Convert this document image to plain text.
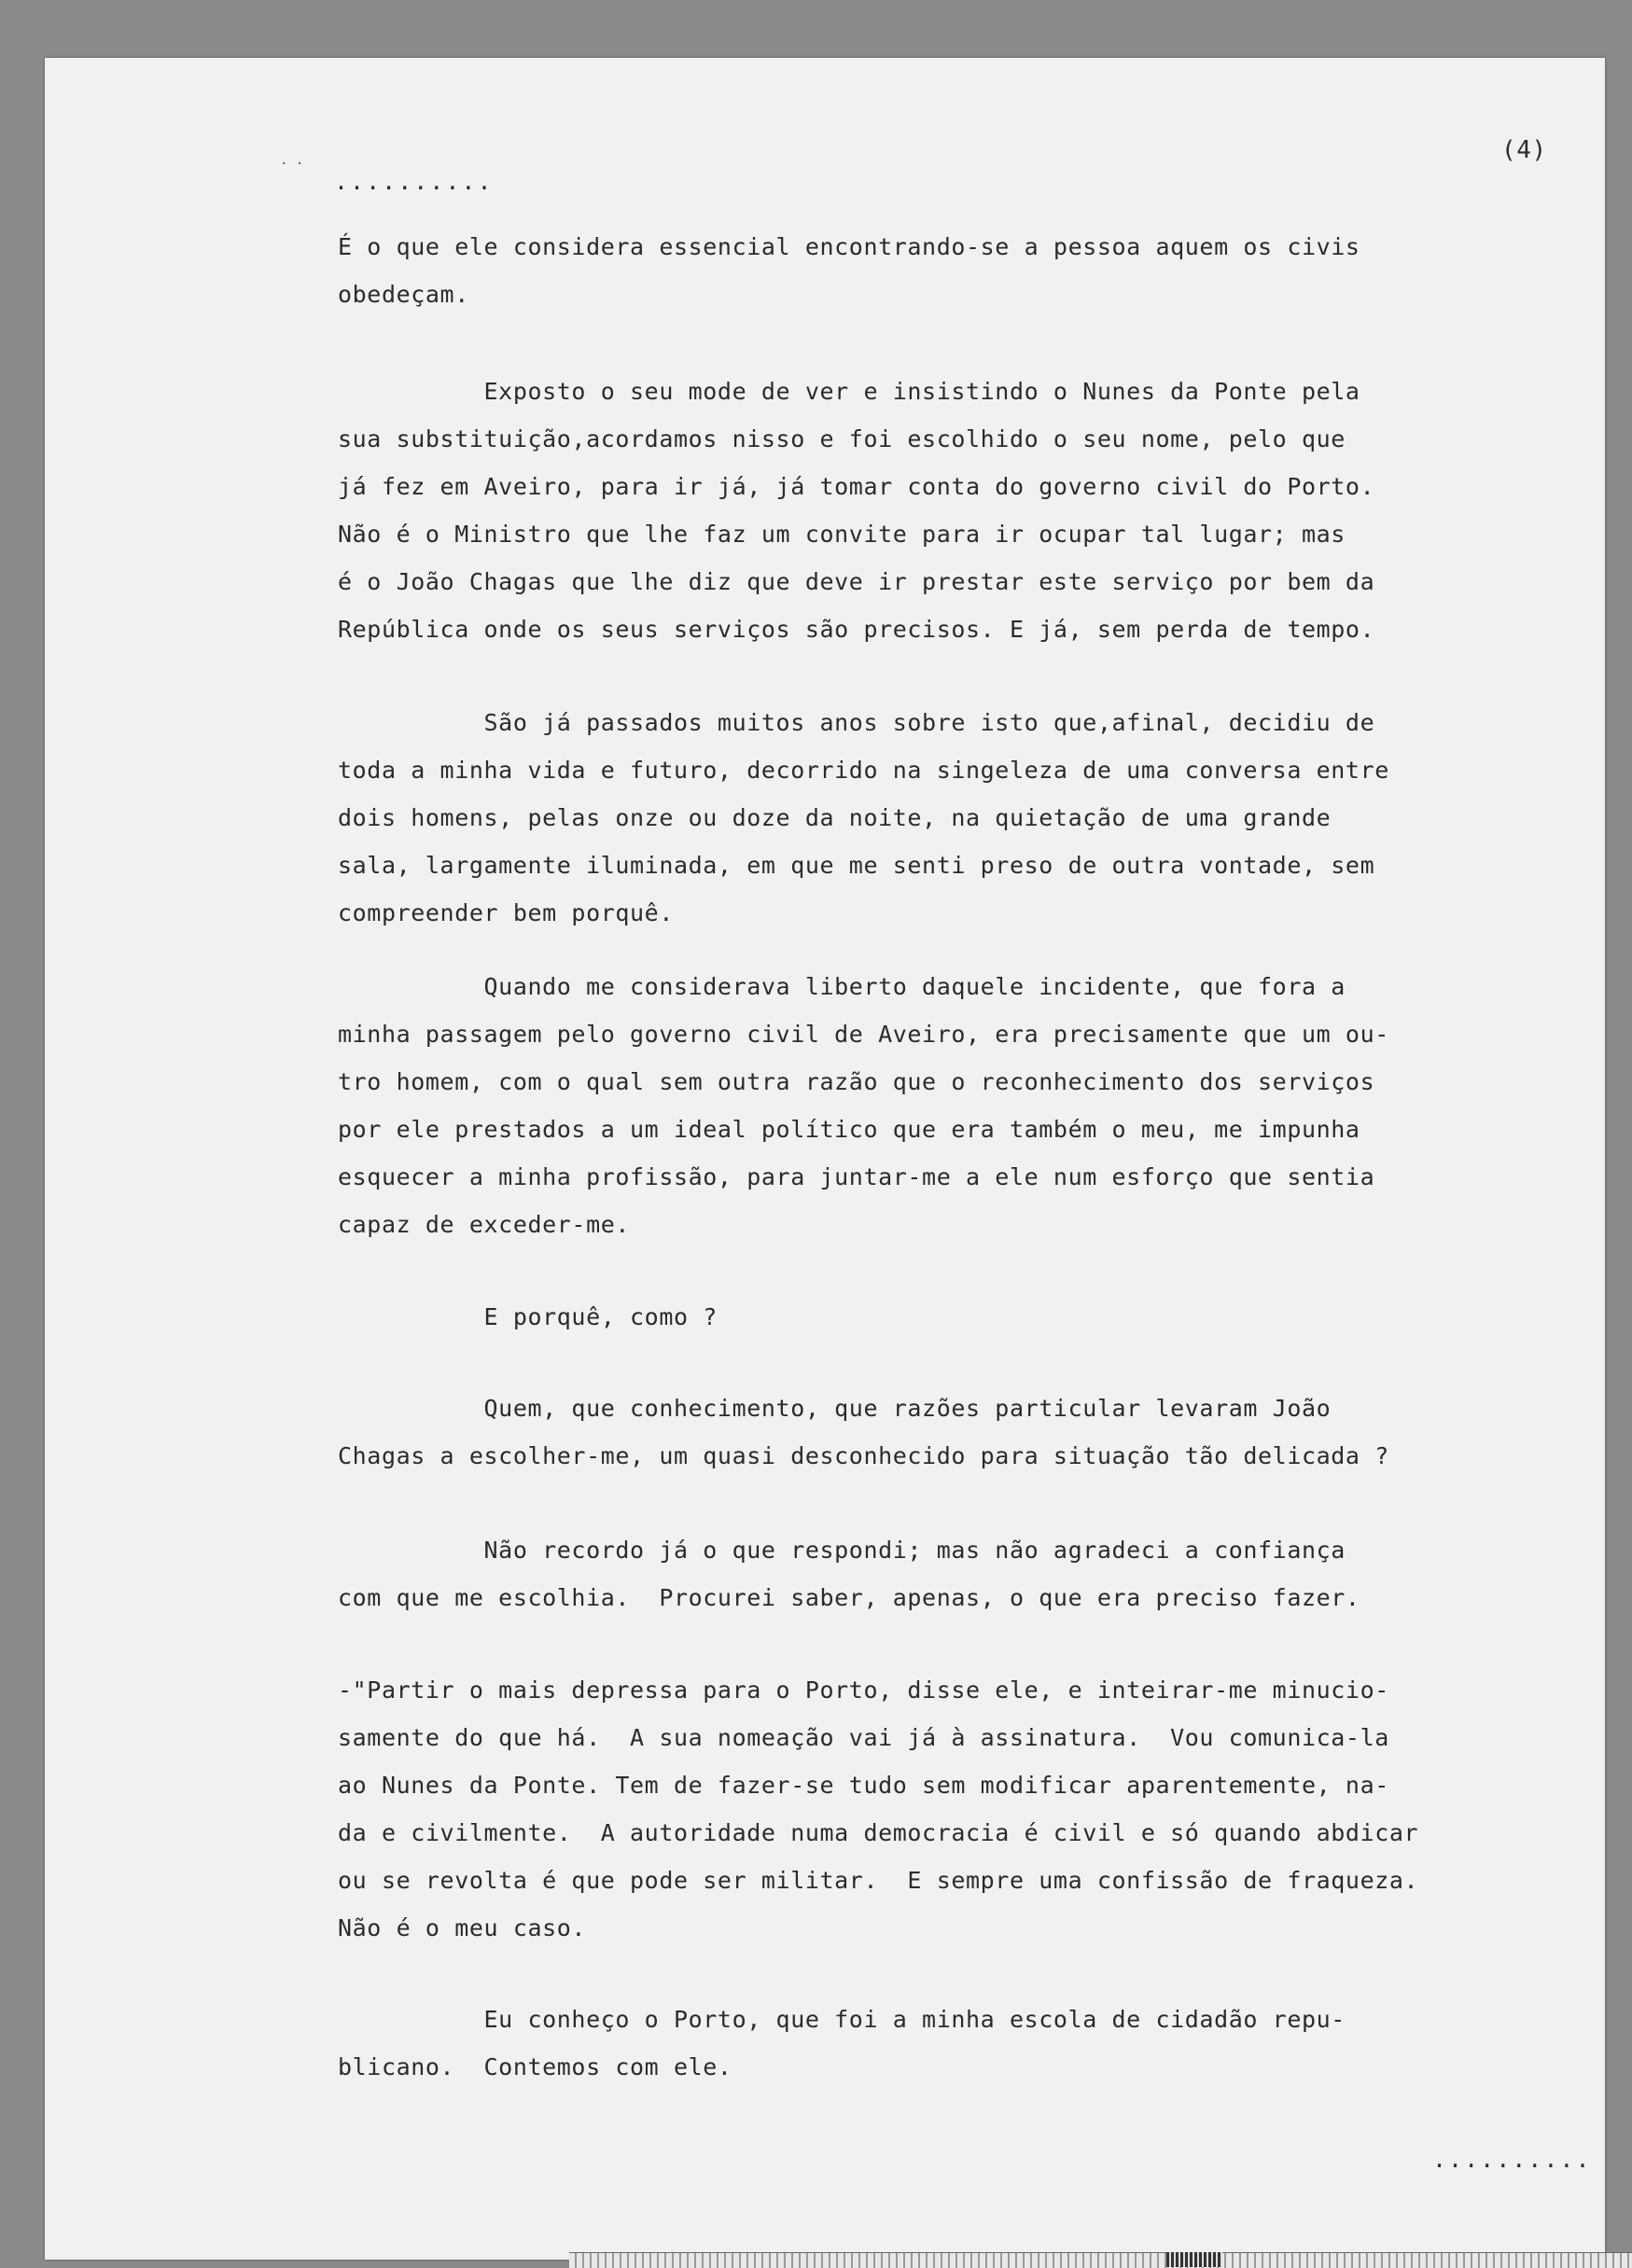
· ·	(4)
..........
É o que ele considera essencial encontrando-se a pessoa aquem os civis
obedeçam.
Exposto o seu mode de ver e insistindo o Nunes da Ponte pela
sua substituição,acordamos nisso e foi escolhido o seu nome, pelo que
já fez em Aveiro, para ir já, já tomar conta do governo civil do Porto.
Não é o Ministro que lhe faz um convite para ir ocupar tal lugar; mas
é o João Chagas que lhe diz que deve ir prestar este serviço por bem da
República onde os seus serviços são precisos. E já, sem perda de tempo.
São já passados muitos anos sobre isto que,afinal, decidiu de
toda a minha vida e futuro, decorrido na singeleza de uma conversa entre
dois homens, pelas onze ou doze da noite, na quietação de uma grande
sala, largamente iluminada, em que me senti preso de outra vontade, sem
compreender bem porquê.
Quando me considerava liberto daquele incidente, que fora a
minha passagem pelo governo civil de Aveiro, era precisamente que um ou-
tro homem, com o qual sem outra razão que o reconhecimento dos serviços
por ele prestados a um ideal político que era também o meu, me impunha
esquecer a minha profissão, para juntar-me a ele num esforço que sentia
capaz de exceder-me.
E porquê, como ?
Quem, que conhecimento, que razões particular levaram João
Chagas a escolher-me, um quasi desconhecido para situação tão delicada ?
Não recordo já o que respondi; mas não agradeci a confiança
com que me escolhia.  Procurei saber, apenas, o que era preciso fazer.
-"Partir o mais depressa para o Porto, disse ele, e inteirar-me minucio-
samente do que há.  A sua nomeação vai já à assinatura.  Vou comunica-la
ao Nunes da Ponte. Tem de fazer-se tudo sem modificar aparentemente, na-
da e civilmente.  A autoridade numa democracia é civil e só quando abdicar
ou se revolta é que pode ser militar.  E sempre uma confissão de fraqueza.
Não é o meu caso.
Eu conheço o Porto, que foi a minha escola de cidadão repu-
blicano.  Contemos com ele.
..........
